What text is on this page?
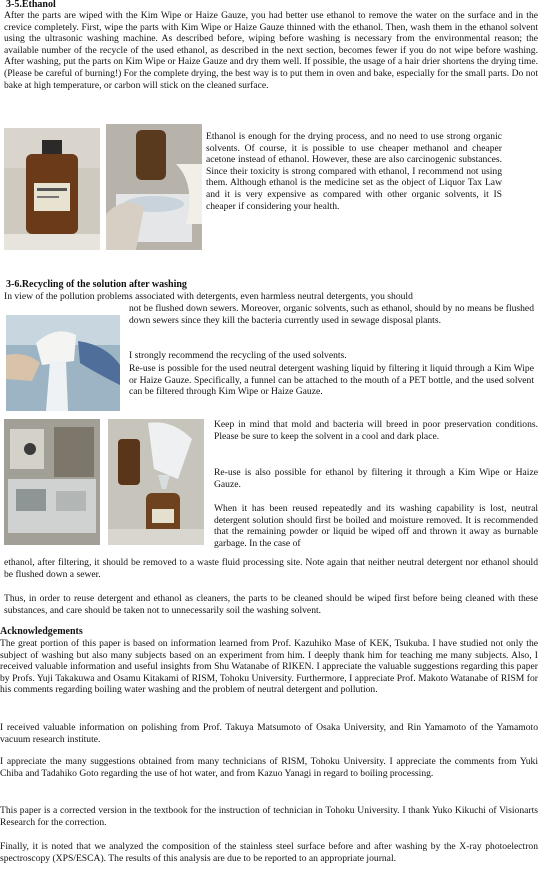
3-5.Ethanol

After the parts are wiped with the Kim Wipe or Haize Gauze, you had better use ethanol to remove the water on the surface and in the crevice completely. First, wipe the parts with Kim Wipe or Haize Gauze thinned with the ethanol. Then, wash them in the ethanol solvent using the ultrasonic washing machine. As described before, wiping before washing is necessary from the environmental reason; the available number of the recycle of the used ethanol, as described in the next section, becomes fewer if you do not wipe before washing. After washing, put the parts on Kim Wipe or Haize Gauze and dry them well. If possible, the usage of a hair drier shortens the drying time. (Please be careful of burning!) For the complete drying, the best way is to put them in oven and bake, especially for the small parts. Do not bake at high temperature, or carbon will stick on the cleaned surface.

Ethanol is enough for the drying process, and no need to use strong organic solvents. Of course, it is possible to use cheaper methanol and cheaper acetone instead of ethanol. However, these are also carcinogenic substances. Since their toxicity is strong compared with ethanol, I recommend not using them. Although ethanol is the medicine set as the object of Liquor Tax Law and it is very expensive as compared with other organic solvents, it IS cheaper if considering your health.

3-6.Recycling of the solution after washing

In view of the pollution problems associated with detergents, even harmless neutral detergents, you should

not be flushed down sewers. Moreover, organic solvents, such as ethanol, should by no means be flushed down sewers since they kill the bacteria currently used in sewage disposal plants.

I strongly recommend the recycling of the used solvents.

Re-use is possible for the used neutral detergent washing liquid by filtering it liquid through a Kim Wipe or Haize Gauze. Specifically, a funnel can be attached to the mouth of a PET bottle, and the used solvent can be filtered through Kim Wipe or Haize Gauze.

Keep in mind that mold and bacteria will breed in poor preservation conditions. Please be sure to keep the solvent in a cool and dark place.

Re-use is also possible for ethanol by filtering it through a Kim Wipe or Haize Gauze.

When it has been reused repeatedly and its washing capability is lost, neutral detergent solution should first be boiled and moisture removed. It is recommended that the remaining powder or liquid be wiped off and thrown it away as burnable garbage. In the case of

ethanol, after filtering, it should be removed to a waste fluid processing site. Note again that neither neutral detergent nor ethanol should be flushed down a sewer.

Thus, in order to reuse detergent and ethanol as cleaners, the parts to be cleaned should be wiped first before being cleaned with these substances, and care should be taken not to unnecessarily soil the washing solvent.

Acknowledgements

The great portion of this paper is based on information learned from Prof. Kazuhiko Mase of KEK, Tsukuba. I have studied not only the subject of washing but also many subjects based on an experiment from him. I deeply thank him for teaching me many subjects. Also, I received valuable information and useful insights from Shu Watanabe of RIKEN. I appreciate the valuable suggestions regarding this paper by Profs. Yuji Takakuwa and Osamu Kitakami of RISM, Tohoku University. Furthermore, I appreciate Prof. Makoto Watanabe of RISM for his comments regarding boiling water washing and the problem of neutral detergent and pollution.

I received valuable information on polishing from Prof. Takuya Matsumoto of Osaka University, and Rin Yamamoto of the Yamamoto vacuum research institute.

I appreciate the many suggestions obtained from many technicians of RISM, Tohoku University. I appreciate the comments from Yuki Chiba and Tadahiko Goto regarding the use of hot water, and from Kazuo Yanagi in regard to boiling processing.

This paper is a corrected version in the textbook for the instruction of technician in Tohoku University. I thank Yuko Kikuchi of Visionarts Research for the correction.

Finally, it is noted that we analyzed the composition of the stainless steel surface before and after washing by the X-ray photoelectron spectroscopy (XPS/ESCA). The results of this analysis are due to be reported to an appropriate journal.
